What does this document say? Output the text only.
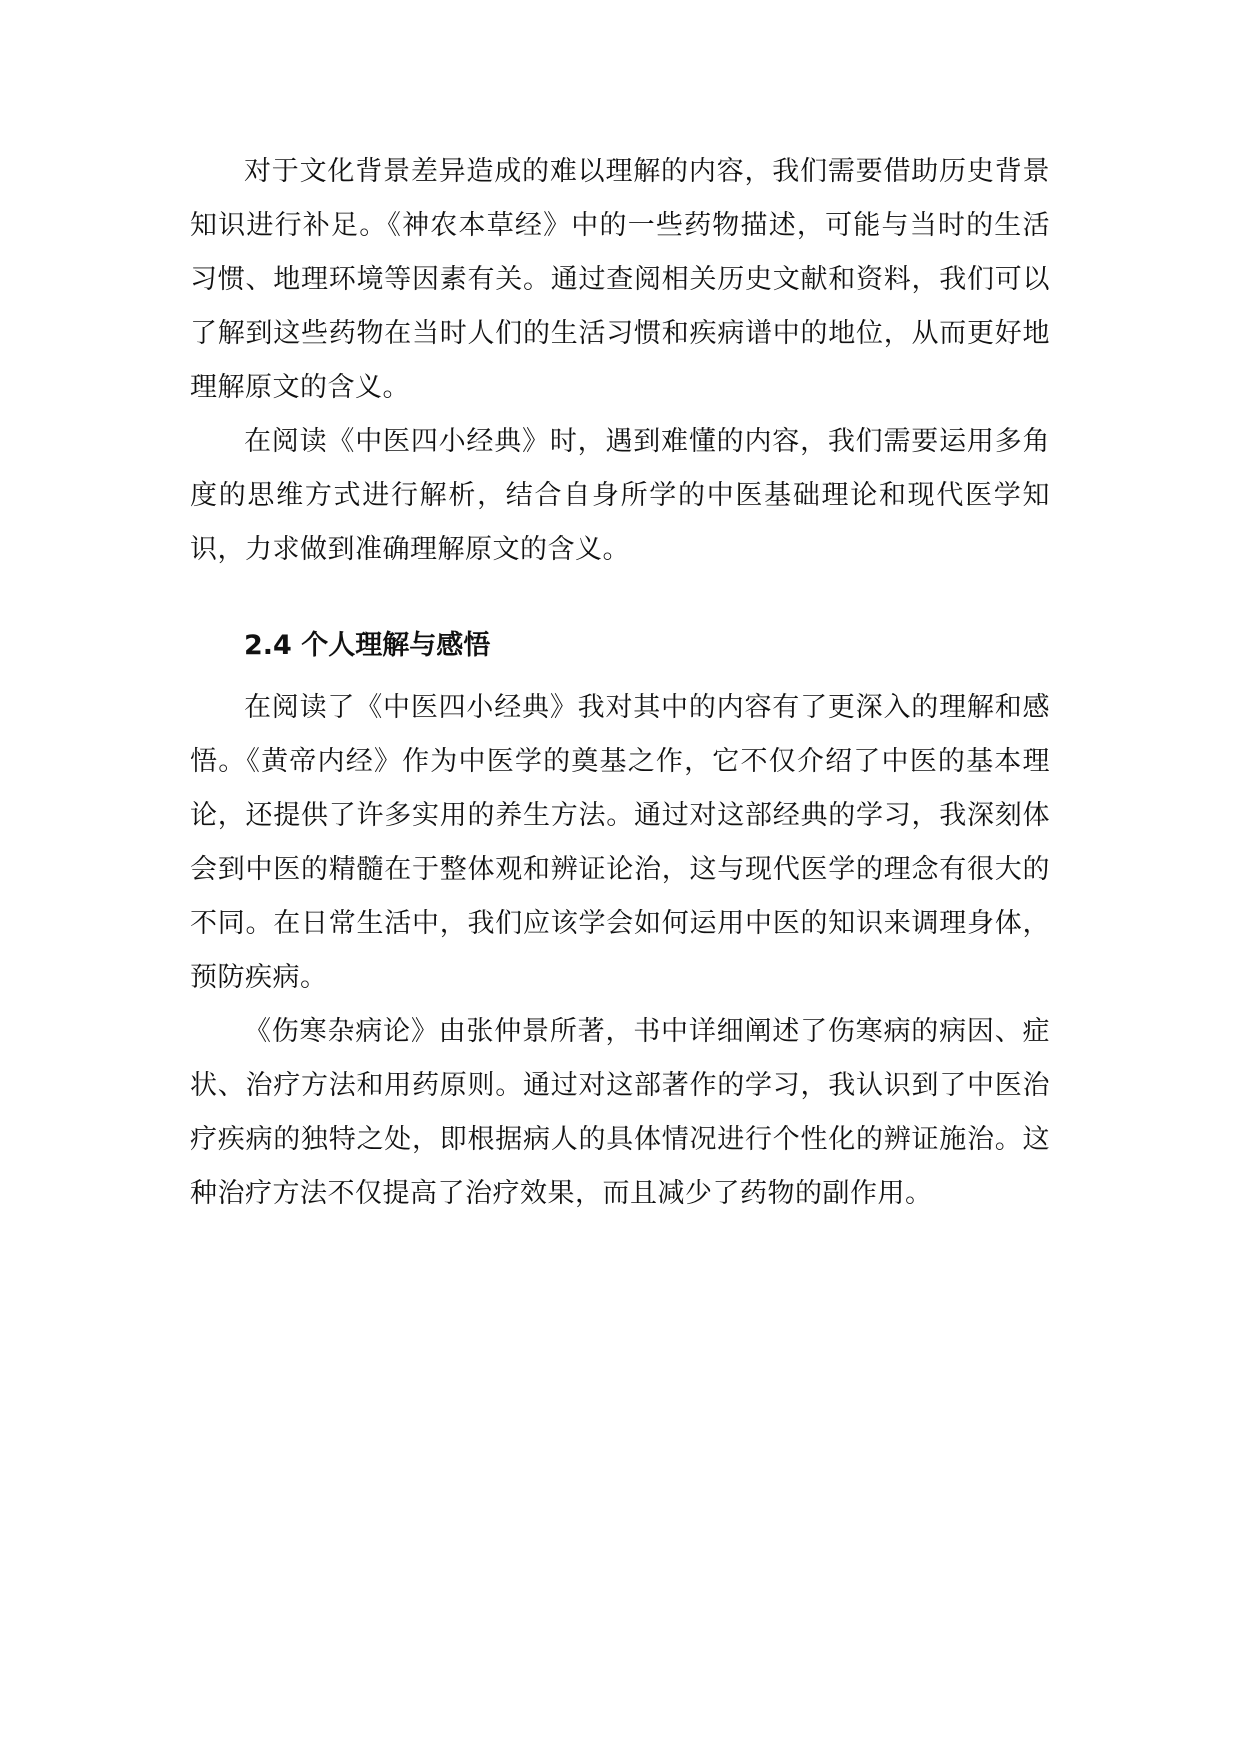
对于文化背景差异造成的难以理解的内容，我们需要借助历史背景知识进行补足。《神农本草经》中的一些药物描述，可能与当时的生活习惯、地理环境等因素有关。通过查阅相关历史文献和资料，我们可以了解到这些药物在当时人们的生活习惯和疾病谱中的地位，从而更好地理解原文的含义。

在阅读《中医四小经典》时，遇到难懂的内容，我们需要运用多角度的思维方式进行解析，结合自身所学的中医基础理论和现代医学知识，力求做到准确理解原文的含义。

2.4 个人理解与感悟

在阅读了《中医四小经典》我对其中的内容有了更深入的理解和感悟。《黄帝内经》作为中医学的奠基之作，它不仅介绍了中医的基本理论，还提供了许多实用的养生方法。通过对这部经典的学习，我深刻体会到中医的精髓在于整体观和辨证论治，这与现代医学的理念有很大的不同。在日常生活中，我们应该学会如何运用中医的知识来调理身体，预防疾病。

《伤寒杂病论》由张仲景所著，书中详细阐述了伤寒病的病因、症状、治疗方法和用药原则。通过对这部著作的学习，我认识到了中医治疗疾病的独特之处，即根据病人的具体情况进行个性化的辨证施治。这种治疗方法不仅提高了治疗效果，而且减少了药物的副作用。
